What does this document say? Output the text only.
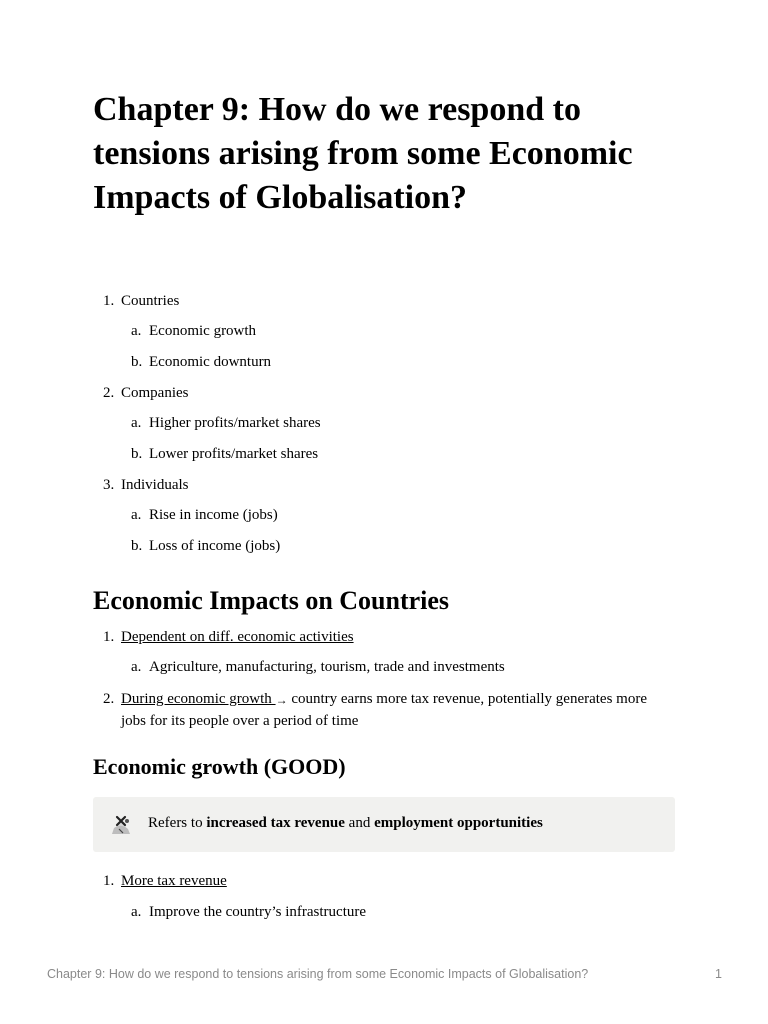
Chapter 9: How do we respond to tensions arising from some Economic Impacts of Globalisation?
1. Countries
a. Economic growth
b. Economic downturn
2. Companies
a. Higher profits/market shares
b. Lower profits/market shares
3. Individuals
a. Rise in income (jobs)
b. Loss of income (jobs)
Economic Impacts on Countries
1. Dependent on diff. economic activities
a. Agriculture, manufacturing, tourism, trade and investments
2. During economic growth → country earns more tax revenue, potentially generates more
jobs for its people over a period of time
Economic growth (GOOD)
Refers to increased tax revenue and employment opportunities
1. More tax revenue
a. Improve the country’s infrastructure
Chapter 9: How do we respond to tensions arising from some Economic Impacts of Globalisation?	1
